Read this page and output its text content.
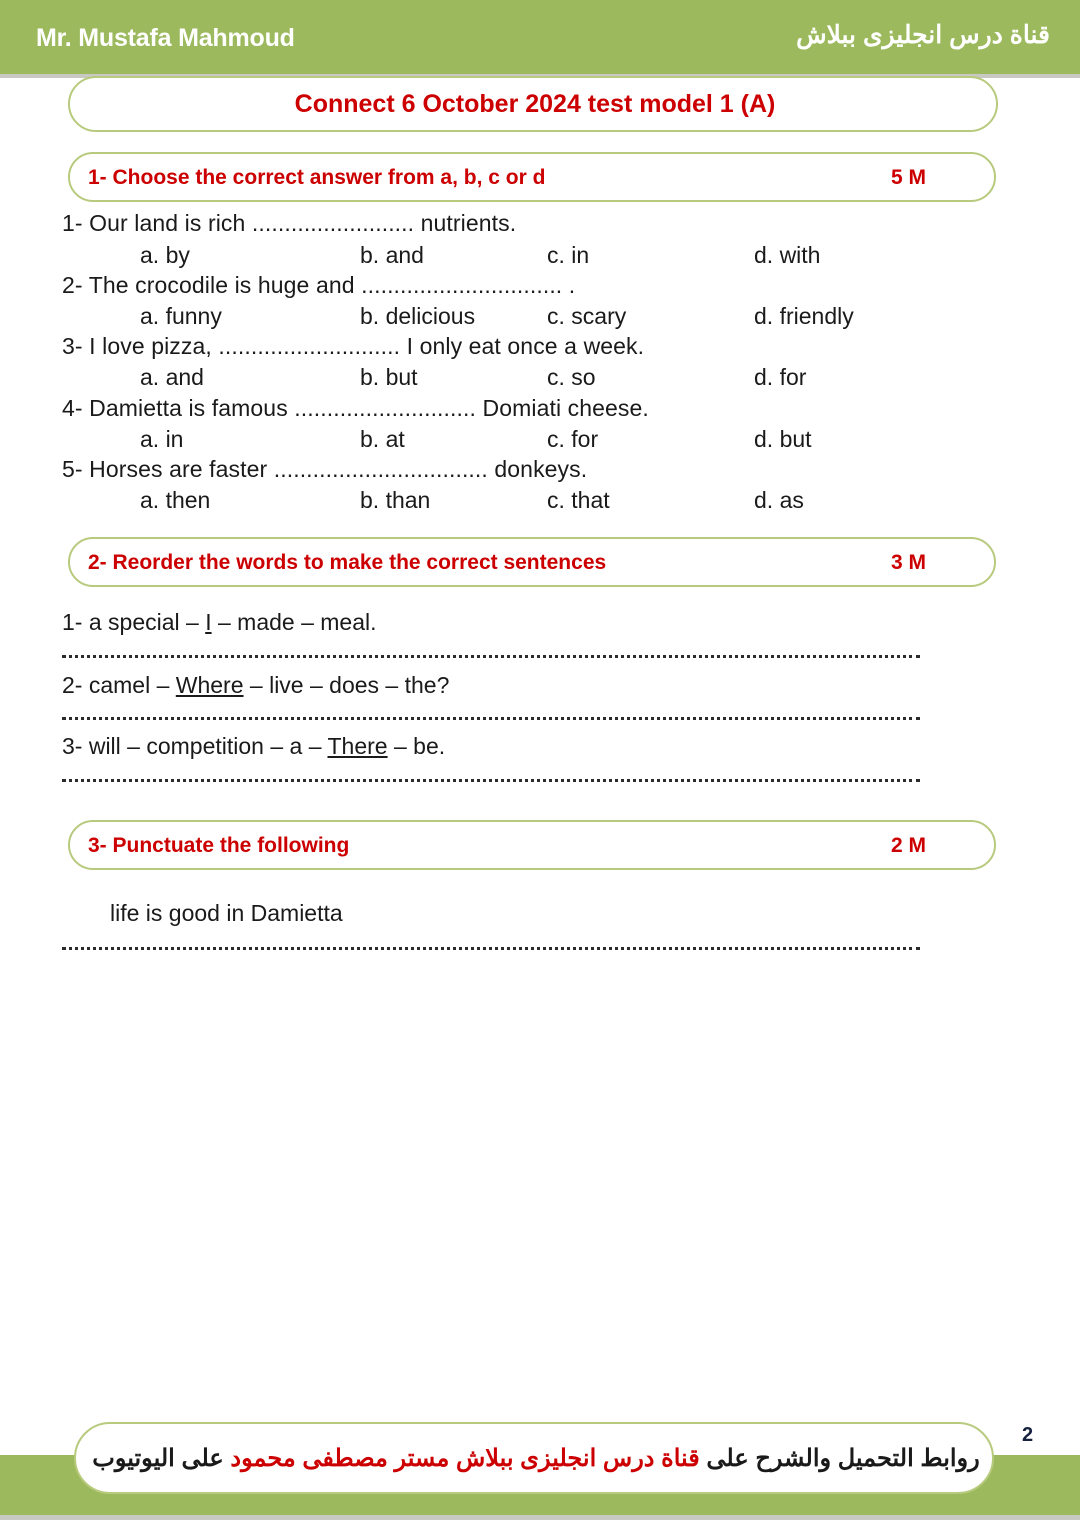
Mr. Mustafa Mahmoud	قناة درس انجليزى ببلاش
Connect 6 October 2024 test model 1 (A)
1- Choose the correct answer from a, b, c or d	5 M
1- Our land is rich ......................... nutrients.
a. by	b. and	c. in	d. with
2- The crocodile is huge and ............................... .
a. funny	b. delicious	c. scary	d. friendly
3- I love pizza, ............................ I only eat once a week.
a. and	b. but	c. so	d. for
4- Damietta is famous ............................ Domiati cheese.
a. in	b. at	c. for	d. but
5- Horses are faster ................................. donkeys.
a. then	b. than	c. that	d. as
2- Reorder the words to make the correct sentences	3 M
1- a special – I – made – meal.
2- camel – Where – live – does – the?
3- will – competition – a – There – be.
3- Punctuate the following	2 M
life is good in Damietta
روابط التحميل والشرح على قناة درس انجليزى ببلاش مستر مصطفى محمود على اليوتيوب
2
